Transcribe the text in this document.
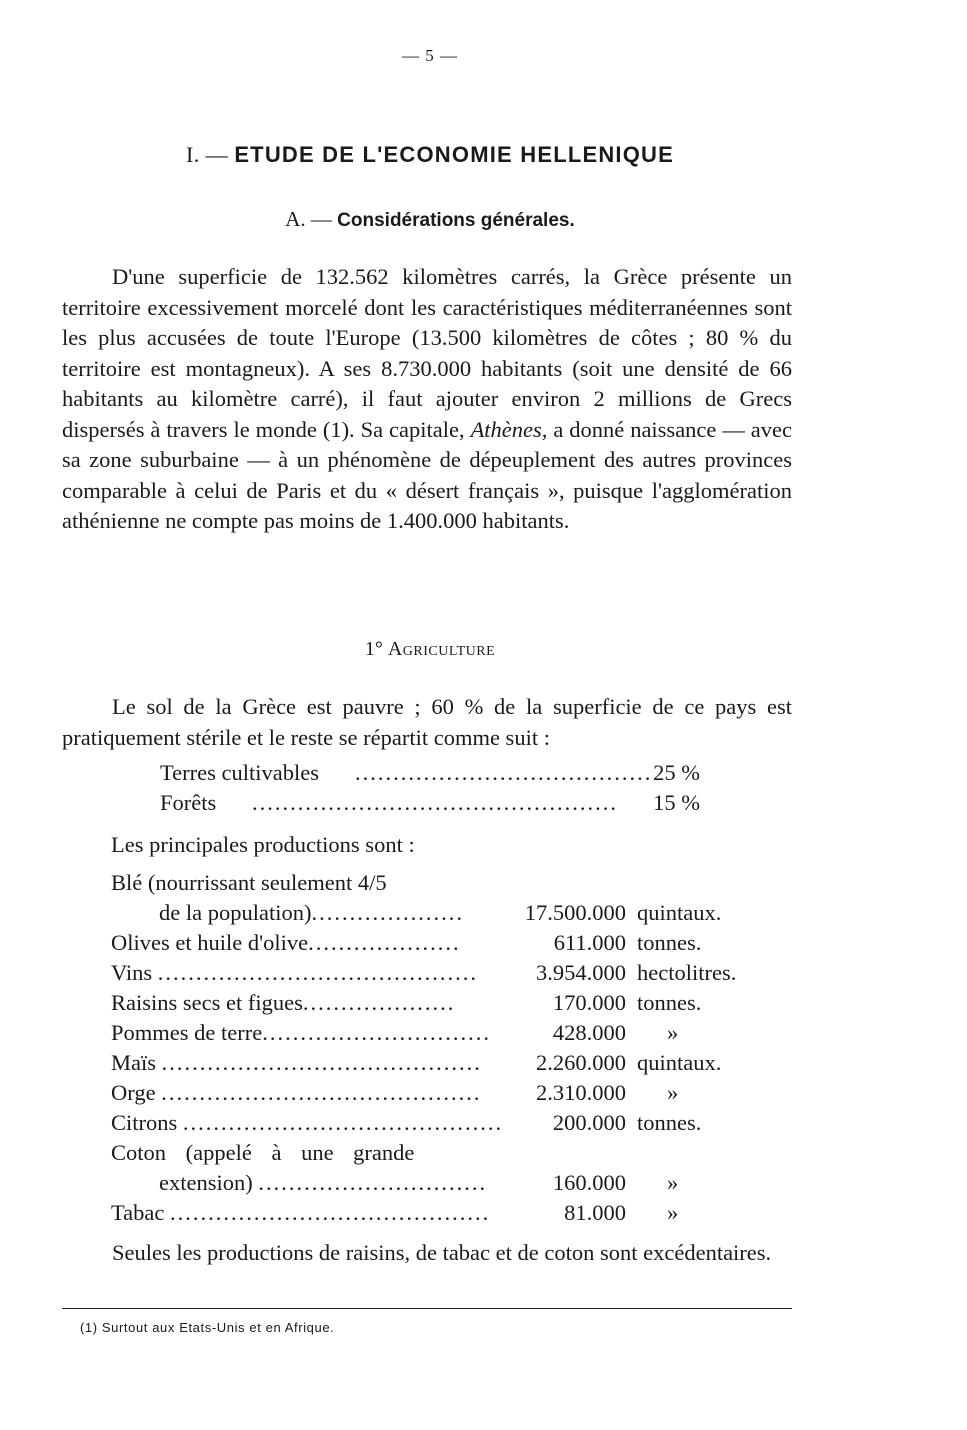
— 5 —
I. — ETUDE DE L'ECONOMIE HELLENIQUE
A. — Considérations générales.
D'une superficie de 132.562 kilomètres carrés, la Grèce présente un territoire excessivement morcelé dont les caractéristiques méditerranéennes sont les plus accusées de toute l'Europe (13.500 kilomètres de côtes ; 80 % du territoire est montagneux). A ses 8.730.000 habitants (soit une densité de 66 habitants au kilomètre carré), il faut ajouter environ 2 millions de Grecs dispersés à travers le monde (1). Sa capitale, Athènes, a donné naissance — avec sa zone suburbaine — à un phénomène de dépeuplement des autres provinces comparable à celui de Paris et du « désert français », puisque l'agglomération athénienne ne compte pas moins de 1.400.000 habitants.
1° Agriculture
Le sol de la Grèce est pauvre ; 60 % de la superficie de ce pays est pratiquement stérile et le reste se répartit comme suit :
Terres cultivables ....................................... 25 %
Forêts ................................................	15 %
Les principales productions sont :
Blé (nourrissant seulement 4/5
de la population)....................	17.500.000 quintaux.
Olives et huile d'olive....................	611.000 tonnes.
Vins ..........................................	3.954.000 hectolitres.
Raisins secs et figues....................	170.000 tonnes.
Pommes de terre..............................	428.000 »
Maïs .......................................... 2.260.000 quintaux.
Orge .......................................... 2.310.000 »
Citrons .......................................... 200.000 tonnes.
Coton (appelé à une grande
extension) ..............................	160.000 »
Tabac ..........................................	81.000 »
Seules les productions de raisins, de tabac et de coton sont excédentaires.
(1) Surtout aux Etats-Unis et en Afrique.
